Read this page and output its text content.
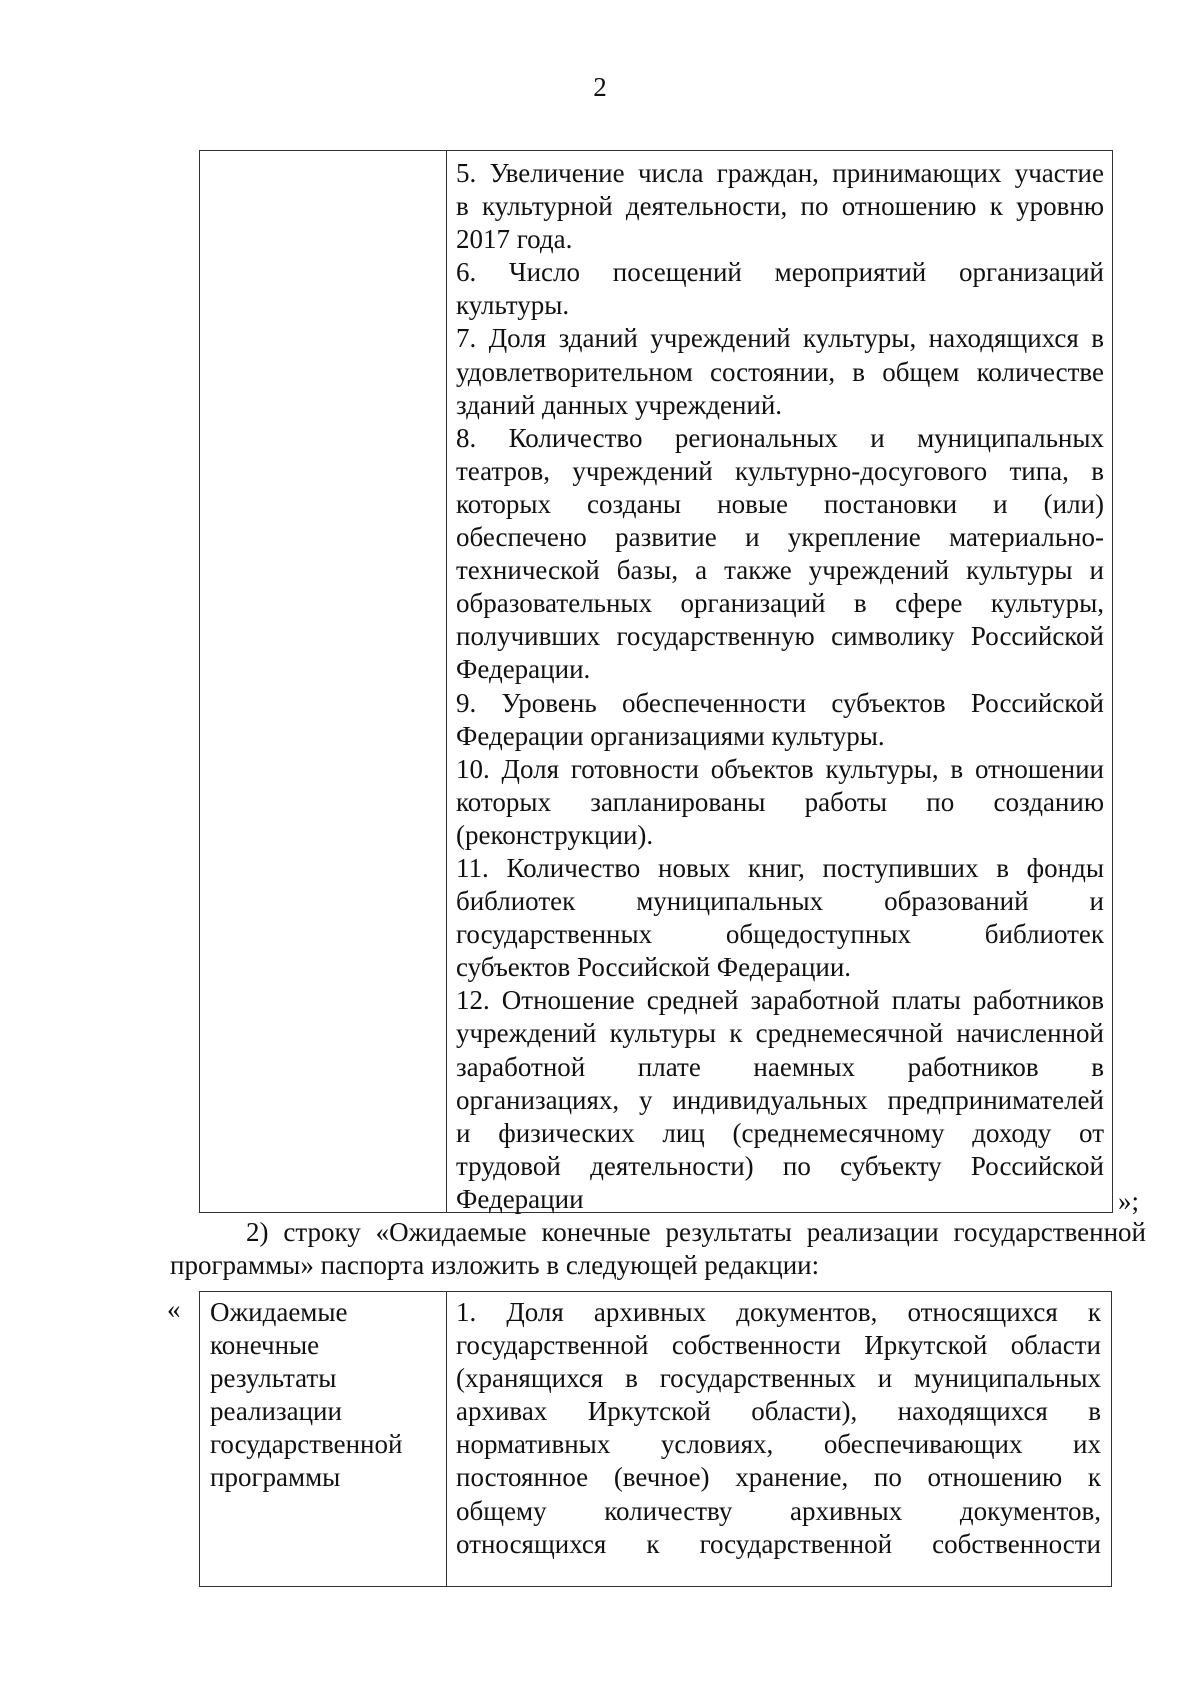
2
5. Увеличение числа граждан, принимающих участие
в культурной деятельности, по отношению к уровню
2017 года.
6. Число посещений мероприятий организаций
культуры.
7. Доля зданий учреждений культуры, находящихся в
удовлетворительном состоянии, в общем количестве
зданий данных учреждений.
8. Количество региональных и муниципальных
театров, учреждений культурно-досугового типа, в
которых созданы новые постановки и (или)
обеспечено развитие и укрепление материально-
технической базы, а также учреждений культуры и
образовательных организаций в сфере культуры,
получивших государственную символику Российской
Федерации.
9. Уровень обеспеченности субъектов Российской
Федерации организациями культуры.
10. Доля готовности объектов культуры, в отношении
которых запланированы работы по созданию
(реконструкции).
11. Количество новых книг, поступивших в фонды
библиотек муниципальных образований и
государственных общедоступных библиотек
субъектов Российской Федерации.
12. Отношение средней заработной платы работников
учреждений культуры к среднемесячной начисленной
заработной плате наемных работников в
организациях, у индивидуальных предпринимателей
и физических лиц (среднемесячному доходу от
трудовой деятельности) по субъекту Российской
Федерации	»;
2) строку «Ожидаемые конечные результаты реализации государственной
программы» паспорта изложить в следующей редакции:
« Ожидаемые
конечные
результаты
реализации
государственной
программы
1. Доля архивных документов, относящихся к
государственной собственности Иркутской области
(хранящихся в государственных и муниципальных
архивах Иркутской области), находящихся в
нормативных условиях, обеспечивающих их
постоянное (вечное) хранение, по отношению к
общему количеству архивных документов,
относящихся к государственной собственности
